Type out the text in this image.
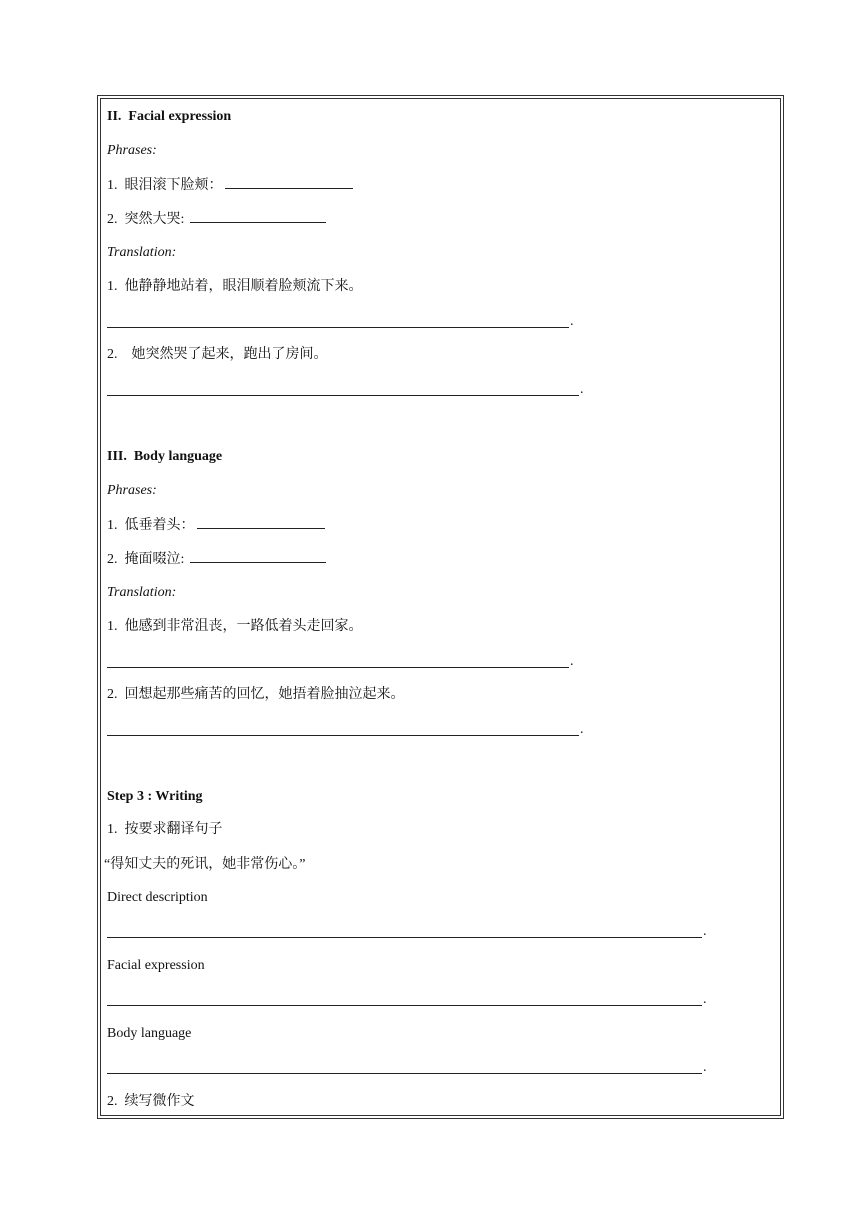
II.  Facial expression
Phrases:
1.  眼泪滚下脸颊：
2.  突然大哭:
Translation:
1.  他静静地站着，眼泪顺着脸颊流下来。
.
2.    她突然哭了起来，跑出了房间。
.
III.  Body language
Phrases:
1.  低垂着头：
2.  掩面啜泣:
Translation:
1.  他感到非常沮丧，一路低着头走回家。
.
2.  回想起那些痛苦的回忆，她捂着脸抽泣起来。
.
Step 3 : Writing
1.  按要求翻译句子
“得知丈夫的死讯，她非常伤心。”
Direct description
.
Facial expression
.
Body language
.
2.  续写微作文
